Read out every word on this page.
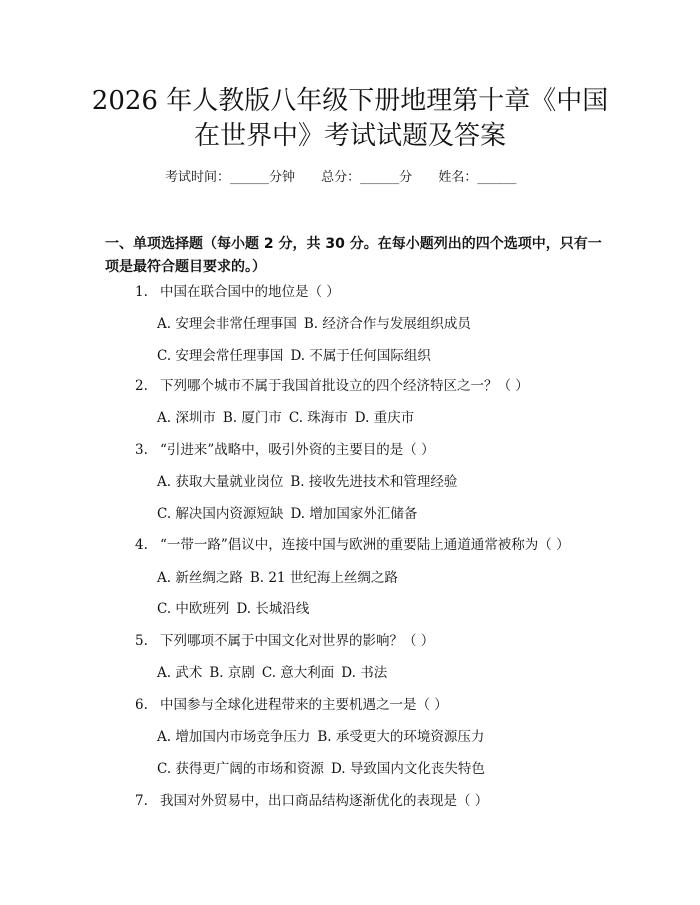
2026 年人教版八年级下册地理第十章《中国
在世界中》考试试题及答案
考试时间：______分钟 总分：______分 姓名：______
一、单项选择题（每小题 2 分，共 30 分。在每小题列出的四个选项中，只有一项是最符合题目要求的。）
1. 中国在联合国中的地位是（ ）
A. 安理会非常任理事国 B. 经济合作与发展组织成员
C. 安理会常任理事国 D. 不属于任何国际组织
2. 下列哪个城市不属于我国首批设立的四个经济特区之一？（ ）
A. 深圳市 B. 厦门市 C. 珠海市 D. 重庆市
3. “引进来”战略中，吸引外资的主要目的是（ ）
A. 获取大量就业岗位 B. 接收先进技术和管理经验
C. 解决国内资源短缺 D. 增加国家外汇储备
4. “一带一路”倡议中，连接中国与欧洲的重要陆上通道通常被称为（ ）
A. 新丝绸之路 B. 21 世纪海上丝绸之路
C. 中欧班列 D. 长城沿线
5. 下列哪项不属于中国文化对世界的影响？（ ）
A. 武术 B. 京剧 C. 意大利面 D. 书法
6. 中国参与全球化进程带来的主要机遇之一是（ ）
A. 增加国内市场竞争压力 B. 承受更大的环境资源压力
C. 获得更广阔的市场和资源 D. 导致国内文化丧失特色
7. 我国对外贸易中，出口商品结构逐渐优化的表现是（ ）
